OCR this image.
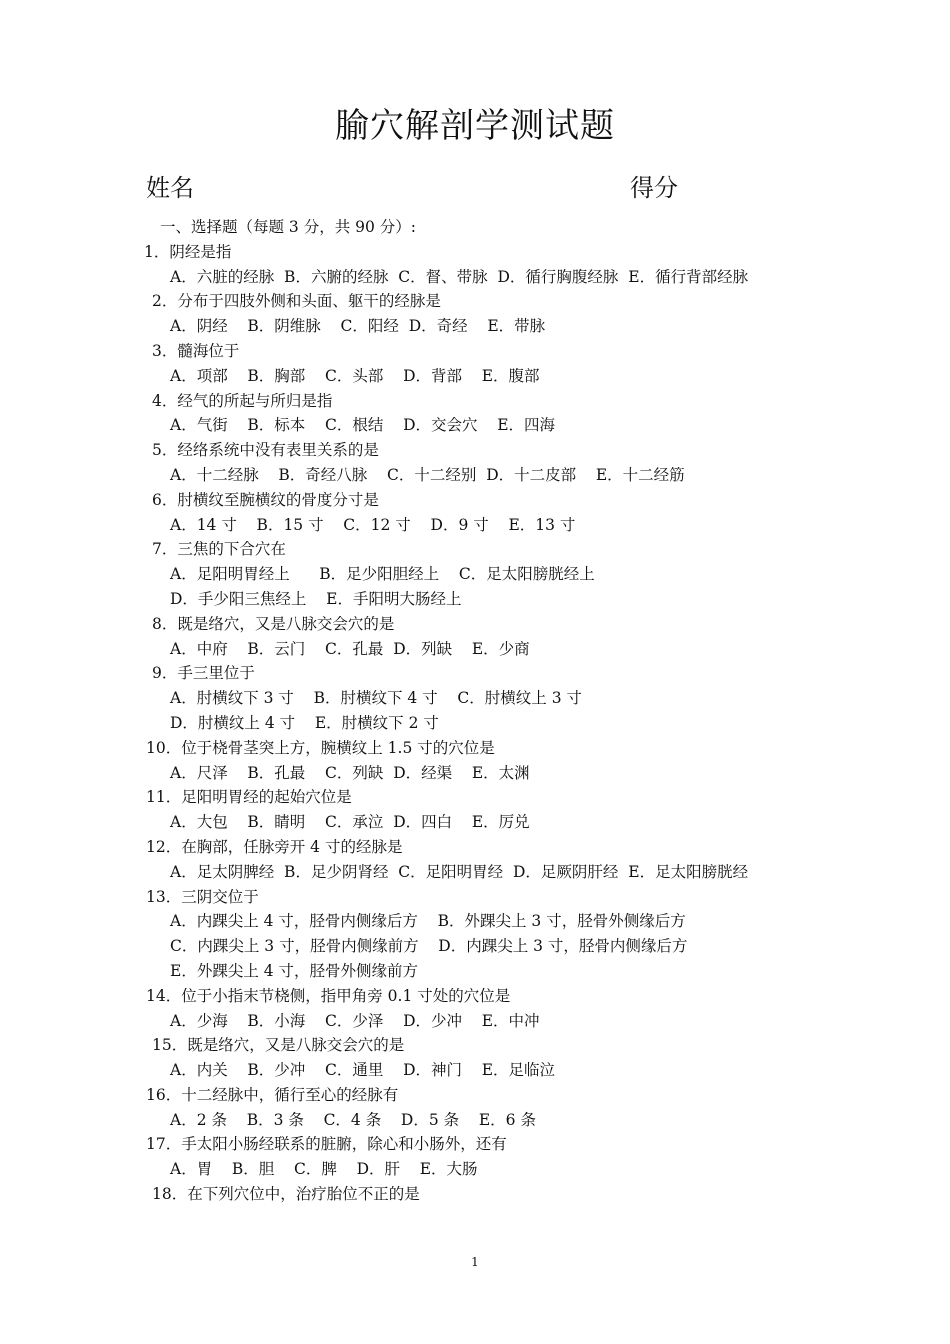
腧穴解剖学测试题
姓名	得分
一、选择题（每题 3 分，共 90 分）:
1．阴经是指
A．六脏的经脉  B．六腑的经脉  C．督、带脉  D．循行胸腹经脉  E．循行背部经脉
2．分布于四肢外侧和头面、躯干的经脉是
A．阴经    B．阴维脉    C．阳经  D．奇经    E．带脉
3．髓海位于
A．项部    B．胸部    C．头部    D．背部    E．腹部
4．经气的所起与所归是指
A．气街    B．标本    C．根结    D．交会穴    E．四海
5．经络系统中没有表里关系的是
A．十二经脉    B．奇经八脉    C．十二经别  D．十二皮部    E．十二经筋
6．肘横纹至腕横纹的骨度分寸是
A．14 寸    B．15 寸    C．12 寸    D．9 寸    E．13 寸
7．三焦的下合穴在
A．足阳明胃经上      B．足少阳胆经上    C．足太阳膀胱经上
D．手少阳三焦经上    E．手阳明大肠经上
8．既是络穴，又是八脉交会穴的是
A．中府    B．云门    C．孔最  D．列缺    E．少商
9．手三里位于
A．肘横纹下 3 寸    B．肘横纹下 4 寸    C．肘横纹上 3 寸
D．肘横纹上 4 寸    E．肘横纹下 2 寸
10．位于桡骨茎突上方，腕横纹上 1.5 寸的穴位是
A．尺泽    B．孔最    C．列缺  D．经渠    E．太渊
11．足阳明胃经的起始穴位是
A．大包    B．睛明    C．承泣  D．四白    E．厉兑
12．在胸部，任脉旁开 4 寸的经脉是
A．足太阴脾经  B．足少阴肾经  C．足阳明胃经  D．足厥阴肝经  E．足太阳膀胱经
13．三阴交位于
A．内踝尖上 4 寸，胫骨内侧缘后方    B．外踝尖上 3 寸，胫骨外侧缘后方
C．内踝尖上 3 寸，胫骨内侧缘前方    D．内踝尖上 3 寸，胫骨内侧缘后方
E．外踝尖上 4 寸，胫骨外侧缘前方
14．位于小指末节桡侧，指甲角旁 0.1 寸处的穴位是
A．少海    B．小海    C．少泽    D．少冲    E．中冲
15．既是络穴，又是八脉交会穴的是
A．内关    B．少冲    C．通里    D．神门    E．足临泣
16．十二经脉中，循行至心的经脉有
A．2 条    B．3 条    C．4 条    D．5 条    E．6 条
17．手太阳小肠经联系的脏腑，除心和小肠外，还有
A．胃    B．胆    C．脾    D．肝    E．大肠
18．在下列穴位中，治疗胎位不正的是
1
